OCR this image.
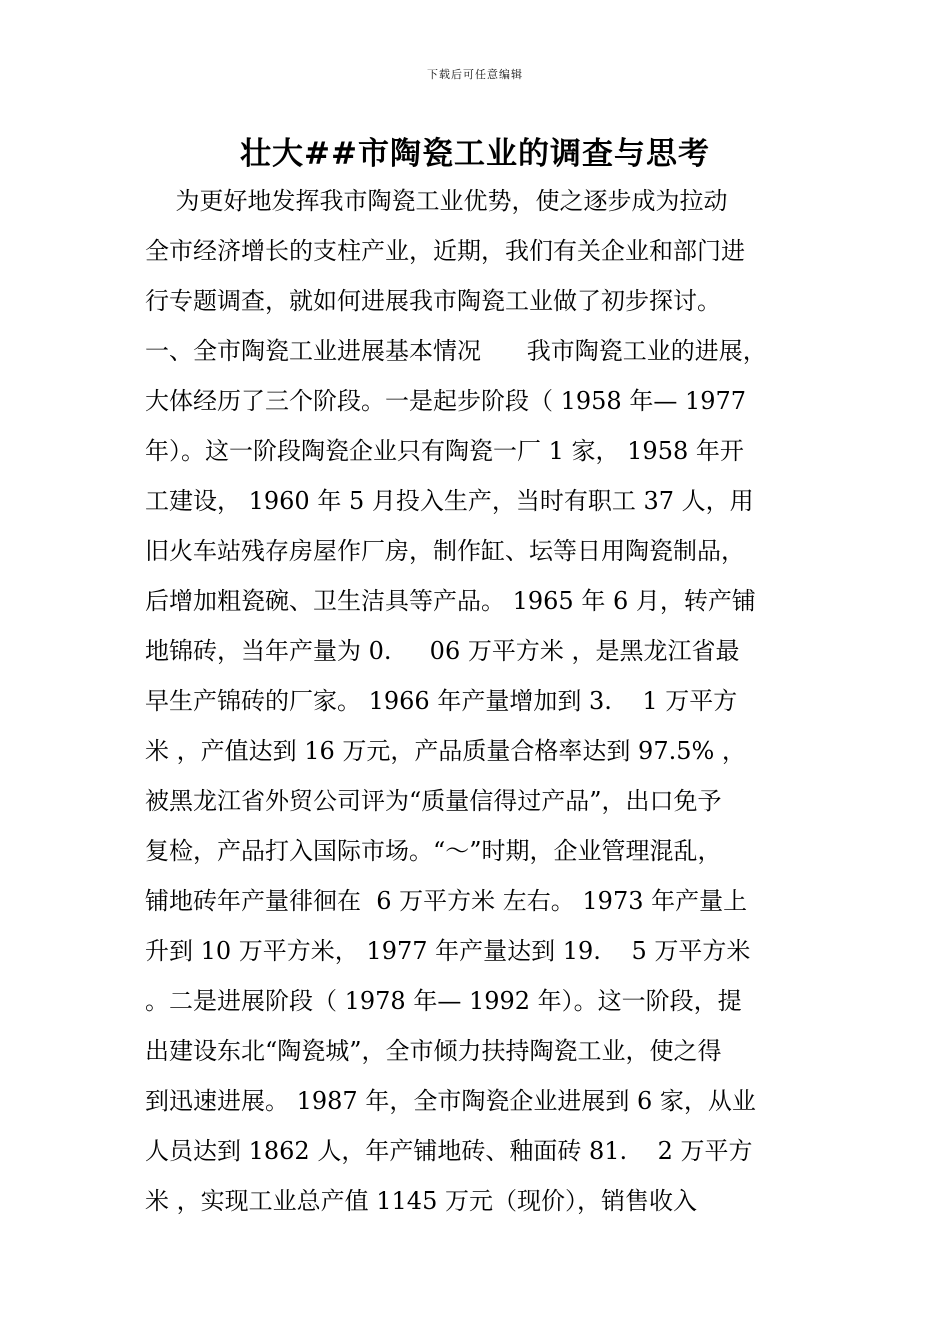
下载后可任意编辑
壮大##市陶瓷工业的调查与思考
为更好地发挥我市陶瓷工业优势，使之逐步成为拉动
全市经济增长的支柱产业，近期，我们有关企业和部门进
行专题调查，就如何进展我市陶瓷工业做了初步探讨。
一、全市陶瓷工业进展基本情况      我市陶瓷工业的进展，
大体经历了三个阶段。一是起步阶段（ 1958 年— 1977
年）。这一阶段陶瓷企业只有陶瓷一厂 1 家， 1958 年开
工建设， 1960 年 5 月投入生产，当时有职工 37 人，用
旧火车站残存房屋作厂房，制作缸、坛等日用陶瓷制品，
后增加粗瓷碗、卫生洁具等产品。 1965 年 6 月，转产铺
地锦砖，当年产量为 0.     06 万平方米 ，是黑龙江省最
早生产锦砖的厂家。 1966 年产量增加到 3.    1 万平方
米 ，产值达到 16 万元，产品质量合格率达到 97.5% ，
被黑龙江省外贸公司评为“质量信得过产品”，出口免予
复检，产品打入国际市场。“～”时期，企业管理混乱，
铺地砖年产量徘徊在  6 万平方米 左右。 1973 年产量上
升到 10 万平方米， 1977 年产量达到 19.    5 万平方米
。二是进展阶段（ 1978 年— 1992 年）。这一阶段，提
出建设东北“陶瓷城”，全市倾力扶持陶瓷工业，使之得
到迅速进展。 1987 年，全市陶瓷企业进展到 6 家，从业
人员达到 1862 人，年产铺地砖、釉面砖 81.    2 万平方
米 ，实现工业总产值 1145 万元（现价），销售收入
